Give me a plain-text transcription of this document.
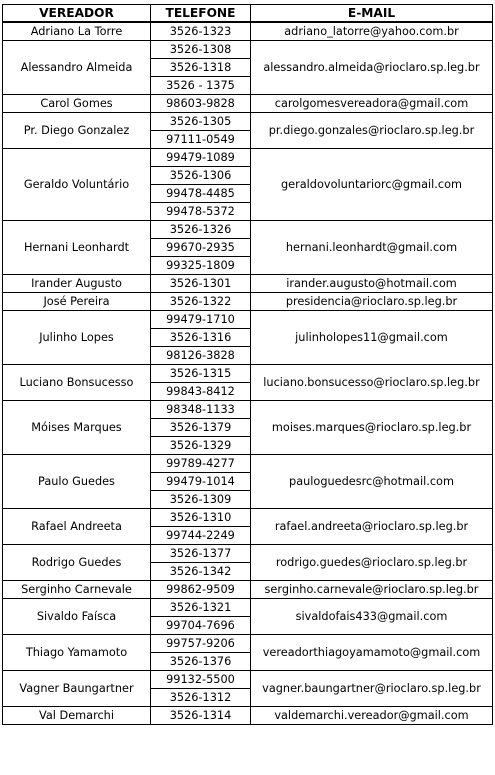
VEREADOR	TELEFONE	E-MAIL
Adriano La Torre	3526-1323	adriano_latorre@yahoo.com.br
Alessandro Almeida	3526-1308	alessandro.almeida@rioclaro.sp.leg.br
	3526-1318	
	3526 - 1375	
Carol Gomes	98603-9828	carolgomesvereadora@gmail.com
Pr. Diego Gonzalez	3526-1305	pr.diego.gonzales@rioclaro.sp.leg.br
	97111-0549	
Geraldo Voluntário	99479-1089	geraldovoluntariorc@gmail.com
	3526-1306	
	99478-4485	
	99478-5372	
Hernani Leonhardt	3526-1326	hernani.leonhardt@gmail.com
	99670-2935	
	99325-1809	
Irander Augusto	3526-1301	irander.augusto@hotmail.com
José Pereira	3526-1322	presidencia@rioclaro.sp.leg.br
Julinho Lopes	99479-1710	julinholopes11@gmail.com
	3526-1316	
	98126-3828	
Luciano Bonsucesso	3526-1315	luciano.bonsucesso@rioclaro.sp.leg.br
	99843-8412	
Móises Marques	98348-1133	moises.marques@rioclaro.sp.leg.br
	3526-1379	
	3526-1329	
Paulo Guedes	99789-4277	pauloguedesrc@hotmail.com
	99479-1014	
	3526-1309	
Rafael Andreeta	3526-1310	rafael.andreeta@rioclaro.sp.leg.br
	99744-2249	
Rodrigo Guedes	3526-1377	rodrigo.guedes@rioclaro.sp.leg.br
	3526-1342	
Serginho Carnevale	99862-9509	serginho.carnevale@rioclaro.sp.leg.br
Sivaldo Faísca	3526-1321	sivaldofais433@gmail.com
	99704-7696	
Thiago Yamamoto	99757-9206	vereadorthiagoyamamoto@gmail.com
	3526-1376	
Vagner Baungartner	99132-5500	vagner.baungartner@rioclaro.sp.leg.br
	3526-1312	
Val Demarchi	3526-1314	valdemarchi.vereador@gmail.com
